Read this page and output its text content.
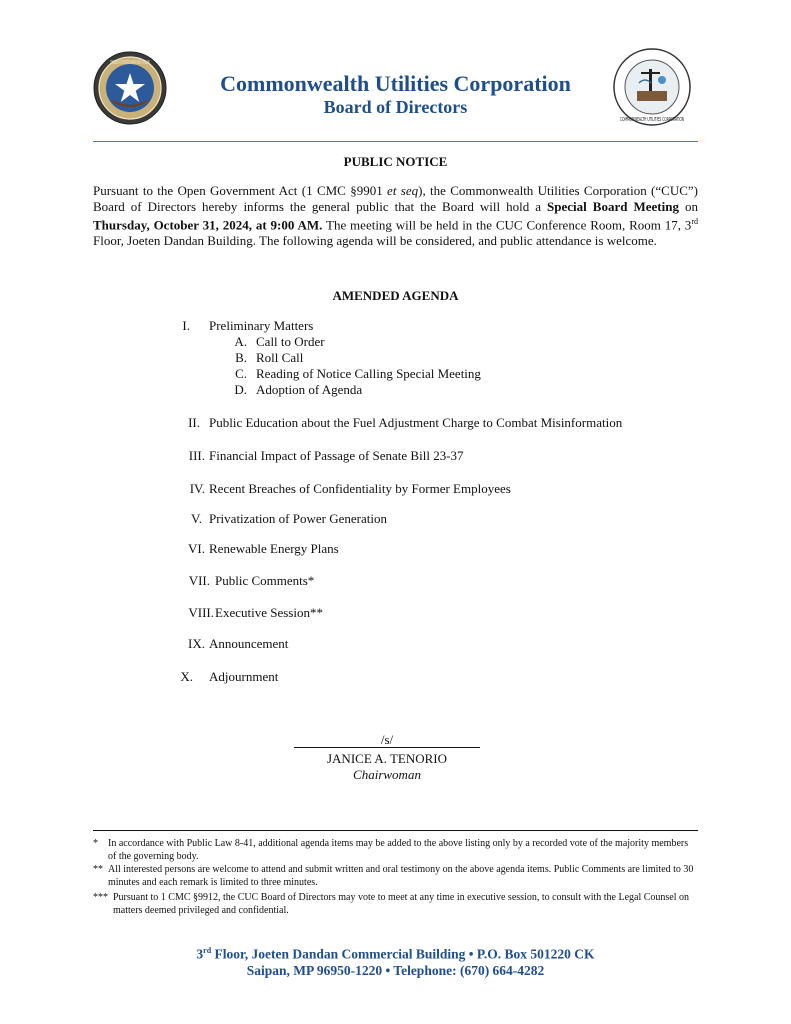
COMMONWEALTH OF THE NORTHERN MARIANA ISLANDS · OFFICIAL SEAL
COMMONWEALTH UTILITIES CORPORATION
Commonwealth Utilities Corporation
Board of Directors
PUBLIC NOTICE
Pursuant to the Open Government Act (1 CMC §9901 et seq), the Commonwealth Utilities Corporation (“CUC”) Board of Directors hereby informs the general public that the Board will hold a Special Board Meeting on Thursday, October 31, 2024, at 9:00 AM. The meeting will be held in the CUC Conference Room, Room 17, 3rd Floor, Joeten Dandan Building. The following agenda will be considered, and public attendance is welcome.
AMENDED AGENDA
I. Preliminary Matters
A. Call to Order
B. Roll Call
C. Reading of Notice Calling Special Meeting
D. Adoption of Agenda
II. Public Education about the Fuel Adjustment Charge to Combat Misinformation
III. Financial Impact of Passage of Senate Bill 23-37
IV. Recent Breaches of Confidentiality by Former Employees
V. Privatization of Power Generation
VI. Renewable Energy Plans
VII. Public Comments*
VIII. Executive Session**
IX. Announcement
X. Adjournment
/s/
JANICE A. TENORIO
Chairwoman
*	In accordance with Public Law 8-41, additional agenda items may be added to the above listing only by a recorded vote of the majority members of the governing body.
** All interested persons are welcome to attend and submit written and oral testimony on the above agenda items. Public Comments are limited to 30 minutes and each remark is limited to three minutes.
*** Pursuant to 1 CMC §9912, the CUC Board of Directors may vote to meet at any time in executive session, to consult with the Legal Counsel on matters deemed privileged and confidential.
3rd Floor, Joeten Dandan Commercial Building • P.O. Box 501220 CK
Saipan, MP 96950-1220 • Telephone: (670) 664-4282
